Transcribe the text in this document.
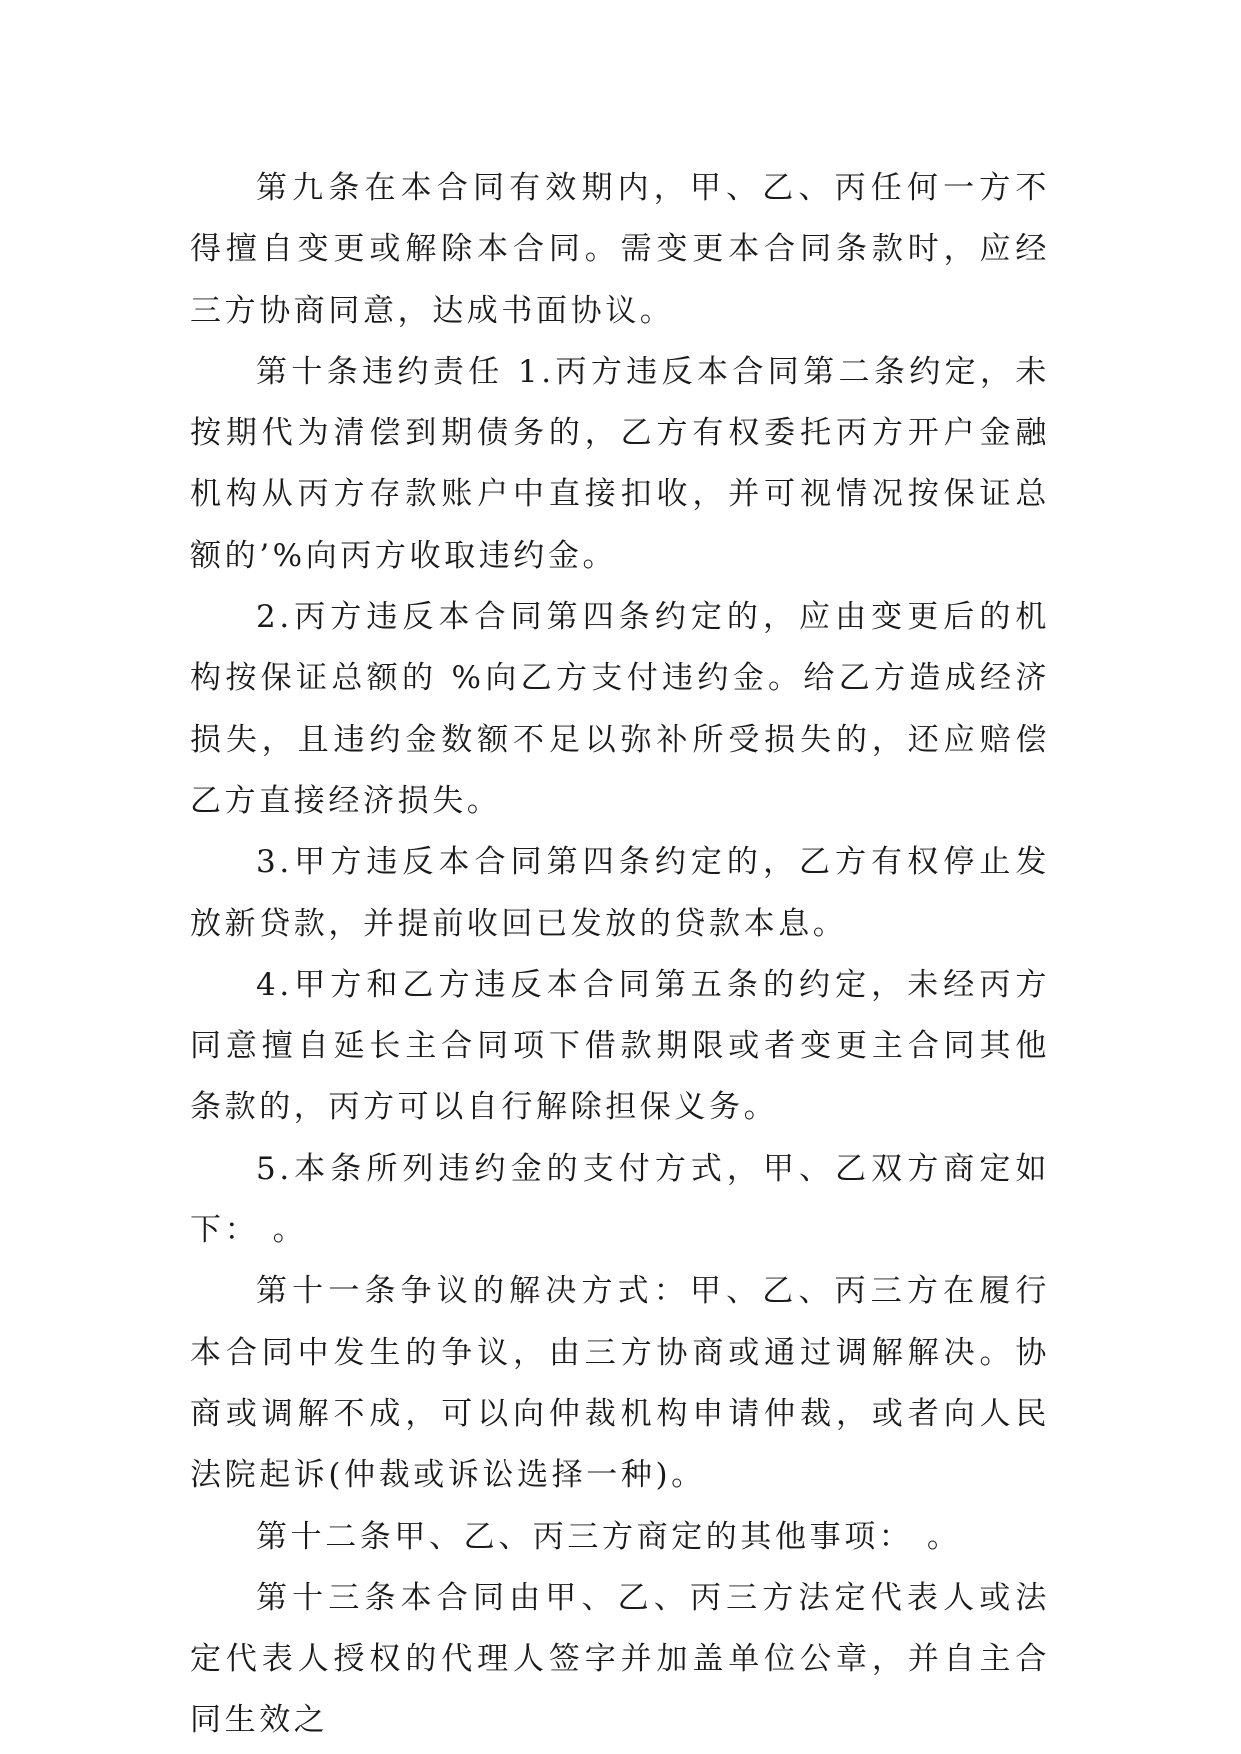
第九条在本合同有效期内，甲、乙、丙任何一方不得擅自变更或解除本合同。需变更本合同条款时，应经三方协商同意，达成书面协议。

第十条违约责任 1.丙方违反本合同第二条约定，未按期代为清偿到期债务的，乙方有权委托丙方开户金融机构从丙方存款账户中直接扣收，并可视情况按保证总额的’%向丙方收取违约金。

2.丙方违反本合同第四条约定的，应由变更后的机构按保证总额的 %向乙方支付违约金。给乙方造成经济损失，且违约金数额不足以弥补所受损失的，还应赔偿乙方直接经济损失。

3.甲方违反本合同第四条约定的，乙方有权停止发放新贷款，并提前收回已发放的贷款本息。

4.甲方和乙方违反本合同第五条的约定，未经丙方同意擅自延长主合同项下借款期限或者变更主合同其他条款的，丙方可以自行解除担保义务。

5.本条所列违约金的支付方式，甲、乙双方商定如下： 。

第十一条争议的解决方式：甲、乙、丙三方在履行本合同中发生的争议，由三方协商或通过调解解决。协商或调解不成，可以向仲裁机构申请仲裁，或者向人民法院起诉(仲裁或诉讼选择一种)。

第十二条甲、乙、丙三方商定的其他事项： 。

第十三条本合同由甲、乙、丙三方法定代表人或法定代表人授权的代理人签字并加盖单位公章，并自主合同生效之
